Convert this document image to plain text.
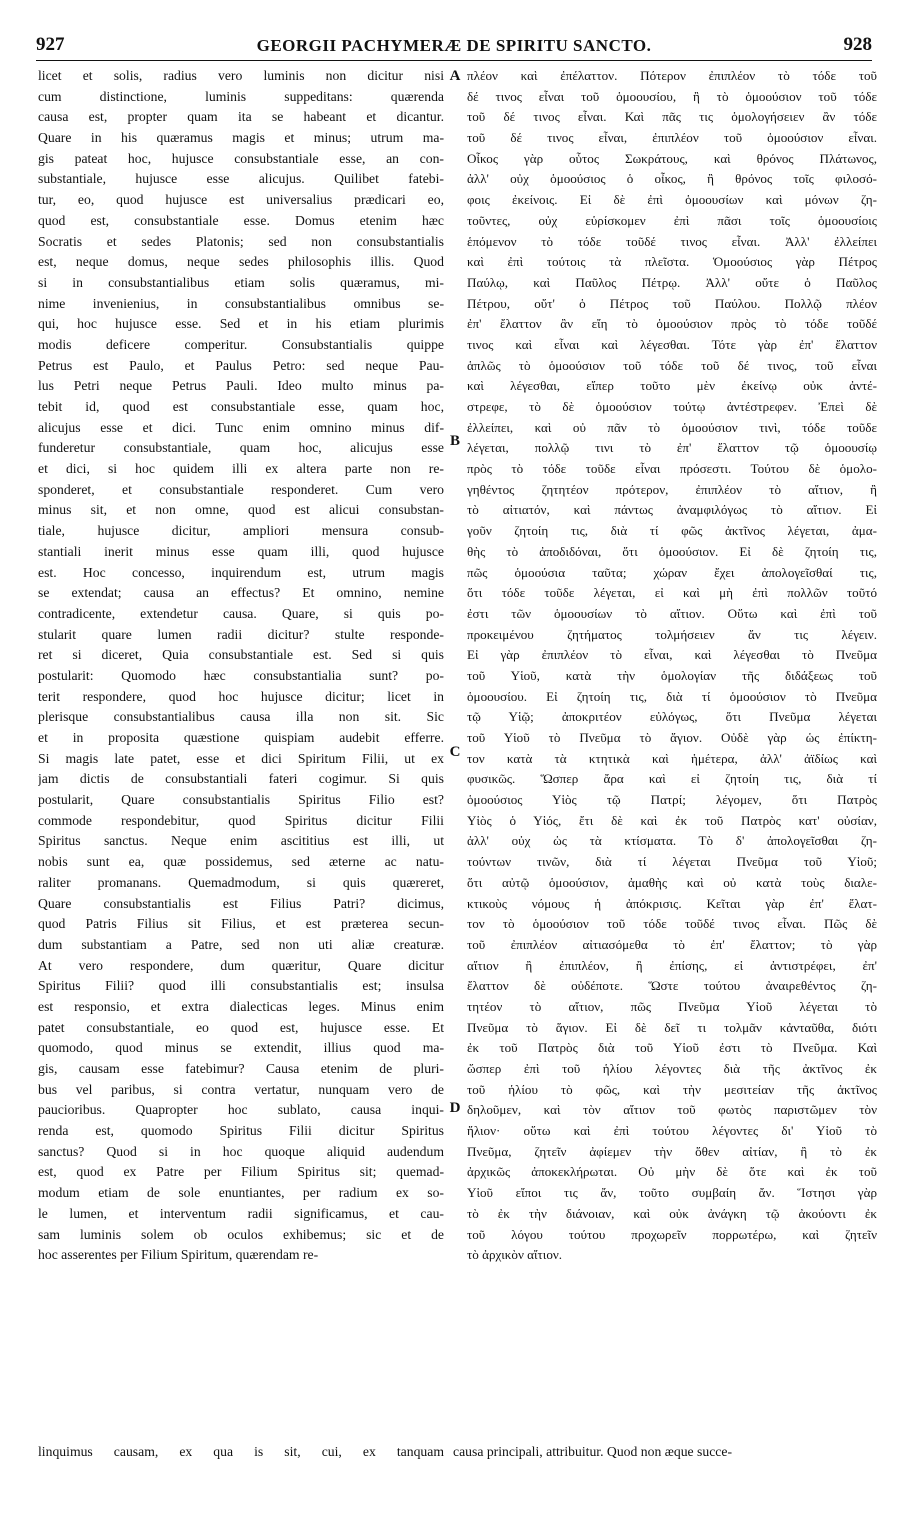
927	GEORGII PACHYMERÆ DE SPIRITU SANCTO.	928
licet et solis, radius vero luminis non dicitur nisi
cum distinctione, luminis suppeditans: quærenda
causa est, propter quam ita se habeant et dicantur.
Quare in his quæramus magis et minus; utrum ma-
gis pateat hoc, hujusce consubstantiale esse, an con-
substantiale, hujusce esse alicujus. Quilibet fatebi-
tur, eo, quod hujusce est universalius prædicari eo,
quod est, consubstantiale esse. Domus etenim hæc
Socratis et sedes Platonis; sed non consubstantialis
est, neque domus, neque sedes philosophis illis. Quod
si in consubstantialibus etiam solis quæramus, mi-
nime invenienius, in consubstantialibus omnibus se-
qui, hoc hujusce esse. Sed et in his etiam plurimis
modis deficere comperitur. Consubstantialis quippe
Petrus est Paulo, et Paulus Petro: sed neque Pau-
lus Petri neque Petrus Pauli. Ideo multo minus pa-
tebit id, quod est consubstantiale esse, quam hoc,
alicujus esse et dici. Tunc enim omnino minus dif-
funderetur consubstantiale, quam hoc, alicujus esse
et dici, si hoc quidem illi ex altera parte non re-
sponderet, et consubstantiale responderet. Cum vero
minus sit, et non omne, quod est alicui consubstan-
tiale, hujusce dicitur, ampliori mensura consub-
stantiali inerit minus esse quam illi, quod hujusce
est. Hoc concesso, inquirendum est, utrum magis
se extendat; causa an effectus? Et omnino, nemine
contradicente, extendetur causa. Quare, si quis po-
stularit quare lumen radii dicitur? stulte responde-
ret si diceret, Quia consubstantiale est. Sed si quis
postularit: Quomodo hæc consubstantialia sunt? po-
terit respondere, quod hoc hujusce dicitur; licet in
plerisque consubstantialibus causa illa non sit. Sic
et in proposita quæstione quispiam audebit efferre.
Si magis late patet, esse et dici Spiritum Filii, ut ex
jam dictis de consubstantiali fateri cogimur. Si quis
postularit, Quare consubstantialis Spiritus Filio est?
commode respondebitur, quod Spiritus dicitur Filii
Spiritus sanctus. Neque enim ascititius est illi, ut
nobis sunt ea, quæ possidemus, sed æterne ac natu-
raliter promanans. Quemadmodum, si quis quæreret,
Quare consubstantialis est Filius Patri? dicimus,
quod Patris Filius sit Filius, et est præterea secun-
dum substantiam a Patre, sed non uti aliæ creaturæ.
At vero respondere, dum quæritur, Quare dicitur
Spiritus Filii? quod illi consubstantialis est; insulsa
est responsio, et extra dialecticas leges. Minus enim
patet consubstantiale, eo quod est, hujusce esse. Et
quomodo, quod minus se extendit, illius quod ma-
gis, causam esse fatebimur? Causa etenim de pluri-
bus vel paribus, si contra vertatur, nunquam vero de
paucioribus. Quapropter hoc sublato, causa inqui-
renda est, quomodo Spiritus Filii dicitur Spiritus
sanctus? Quod si in hoc quoque aliquid audendum
est, quod ex Patre per Filium Spiritus sit; quemad-
modum etiam de sole enuntiantes, per radium ex so-
le lumen, et interventum radii significamus, et cau-
sam luminis solem ob oculos exhibemus; sic et de
hoc asserentes per Filium Spiritum, quærendam re-
πλέον καὶ ἐπέλαττον. Πότερον ἐπιπλέον τὸ τόδε τοῦ
δέ τινος εἶναι τοῦ ὁμοουσίου, ἢ τὸ ὁμοούσιον τοῦ τόδε
τοῦ δέ τινος εἶναι. Καὶ πᾶς τις ὁμολογήσειεν ἂν τόδε
τοῦ δέ τινος εἶναι, ἐπιπλέον τοῦ ὁμοούσιον εἶναι.
Οἶκος γὰρ οὗτος Σωκράτους, καὶ θρόνος Πλάτωνος,
ἀλλ' οὐχ ὁμοούσιος ὁ οἶκος, ἢ θρόνος τοῖς φιλοσό-
φοις ἐκείνοις. Εἰ δὲ ἐπὶ ὁμοουσίων καὶ μόνων ζη-
τοῦντες, οὐχ εὑρίσκομεν ἐπὶ πᾶσι τοῖς ὁμοουσίοις
ἑπόμενον τὸ τόδε τοῦδέ τινος εἶναι. Ἀλλ' ἐλλείπει
καὶ ἐπὶ τούτοις τὰ πλεῖστα. Ὁμοούσιος γὰρ Πέτρος
Παύλῳ, καὶ Παῦλος Πέτρῳ. Ἀλλ' οὔτε ὁ Παῦλος
Πέτρου, οὔτ' ὁ Πέτρος τοῦ Παύλου. Πολλῷ πλέον
ἐπ' ἔλαττον ἂν εἴη τὸ ὁμοούσιον πρὸς τὸ τόδε τοῦδέ
τινος καὶ εἶναι καὶ λέγεσθαι. Τότε γὰρ ἐπ' ἔλαττον
ἁπλῶς τὸ ὁμοούσιον τοῦ τόδε τοῦ δέ τινος, τοῦ εἶναι
καὶ λέγεσθαι, εἴπερ τοῦτο μὲν ἐκείνῳ οὐκ ἀντέ-
στρεφε, τὸ δὲ ὁμοούσιον τούτῳ ἀντέστρεφεν. Ἐπεὶ δὲ
ἐλλείπει, καὶ οὐ πᾶν τὸ ὁμοούσιον τινὶ, τόδε τοῦδε
λέγεται, πολλῷ τινι τὸ ἐπ' ἔλαττον τῷ ὁμοουσίῳ
πρὸς τὸ τόδε τοῦδε εἶναι πρόσεστι. Τούτου δὲ ὁμολο-
γηθέντος ζητητέον πρότερον, ἐπιπλέον τὸ αἴτιον, ἢ
τὸ αἰτιατόν, καὶ πάντως ἀναμφιλόγως τὸ αἴτιον. Εἰ
γοῦν ζητοίη τις, διὰ τί φῶς ἀκτῖνος λέγεται, ἀμα-
θὴς τὸ ἀποδιδόναι, ὅτι ὁμοούσιον. Εἰ δὲ ζητοίη τις,
πῶς ὁμοούσια ταῦτα; χώραν ἔχει ἀπολογεῖσθαί τις,
ὅτι τόδε τοῦδε λέγεται, εἰ καὶ μὴ ἐπὶ πολλῶν τοῦτό
ἐστι τῶν ὁμοουσίων τὸ αἴτιον. Οὕτω καὶ ἐπὶ τοῦ
προκειμένου ζητήματος τολμήσειεν ἄν τις λέγειν.
Εἰ γὰρ ἐπιπλέον τὸ εἶναι, καὶ λέγεσθαι τὸ Πνεῦμα
τοῦ Υἱοῦ, κατὰ τὴν ὁμολογίαν τῆς διδάξεως τοῦ
ὁμοουσίου. Εἰ ζητοίη τις, διὰ τί ὁμοούσιον τὸ Πνεῦμα
τῷ Υἱῷ; ἀποκριτέον εὐλόγως, ὅτι Πνεῦμα λέγεται
τοῦ Υἱοῦ τὸ Πνεῦμα τὸ ἅγιον. Οὐδὲ γὰρ ὡς ἐπίκτη-
τον κατὰ τὰ κτητικὰ καὶ ἡμέτερα, ἀλλ' ἀϊδίως καὶ
φυσικῶς. Ὥσπερ ἄρα καὶ εἰ ζητοίη τις, διὰ τί
ὁμοούσιος Υἱὸς τῷ Πατρί; λέγομεν, ὅτι Πατρὸς
Υἱὸς ὁ Υἱός, ἔτι δὲ καὶ ἐκ τοῦ Πατρὸς κατ' οὐσίαν,
ἀλλ' οὐχ ὡς τὰ κτίσματα. Τὸ δ' ἀπολογεῖσθαι ζη-
τούντων τινῶν, διὰ τί λέγεται Πνεῦμα τοῦ Υἱοῦ;
ὅτι αὐτῷ ὁμοούσιον, ἀμαθὴς καὶ οὐ κατὰ τοὺς διαλε-
κτικοὺς νόμους ἡ ἀπόκρισις. Κεῖται γὰρ ἐπ' ἔλατ-
τον τὸ ὁμοούσιον τοῦ τόδε τοῦδέ τινος εἶναι. Πῶς δὲ
τοῦ ἐπιπλέον αἰτιασόμεθα τὸ ἐπ' ἔλαττον; τὸ γὰρ
αἴτιον ἢ ἐπιπλέον, ἢ ἐπίσης, εἰ ἀντιστρέφει, ἐπ'
ἔλαττον δὲ οὐδέποτε. Ὥστε τούτου ἀναιρεθέντος ζη-
τητέον τὸ αἴτιον, πῶς Πνεῦμα Υἱοῦ λέγεται τὸ
Πνεῦμα τὸ ἅγιον. Εἰ δὲ δεῖ τι τολμᾶν κἀνταῦθα, διότι
ἐκ τοῦ Πατρὸς διὰ τοῦ Υἱοῦ ἐστι τὸ Πνεῦμα. Καὶ
ὥσπερ ἐπὶ τοῦ ἡλίου λέγοντες διὰ τῆς ἀκτῖνος ἐκ
τοῦ ἡλίου τὸ φῶς, καὶ τὴν μεσιτείαν τῆς ἀκτῖνος
δηλοῦμεν, καὶ τὸν αἴτιον τοῦ φωτὸς παριστῶμεν τὸν
ἥλιον· οὕτω καὶ ἐπὶ τούτου λέγοντες δι' Υἱοῦ τὸ
Πνεῦμα, ζητεῖν ἀφίεμεν τὴν ὅθεν αἰτίαν, ἢ τὸ ἐκ
ἀρχικῶς ἀποκεκλήρωται. Οὐ μὴν δὲ ὅτε καὶ ἐκ τοῦ
Υἱοῦ εἴποι τις ἄν, τοῦτο συμβαίη ἄν. Ἵστησι γὰρ
τὸ ἐκ τὴν διάνοιαν, καὶ οὐκ ἀνάγκη τῷ ἀκούοντι ἐκ
τοῦ λόγου τούτου προχωρεῖν πορρωτέρω, καὶ ζητεῖν
τὸ ἀρχικὸν αἴτιον.
A
B
C
D
linquimus causam, ex qua is sit, cui, ex tanquam causa principali, attribuitur. Quod non æque succe-
